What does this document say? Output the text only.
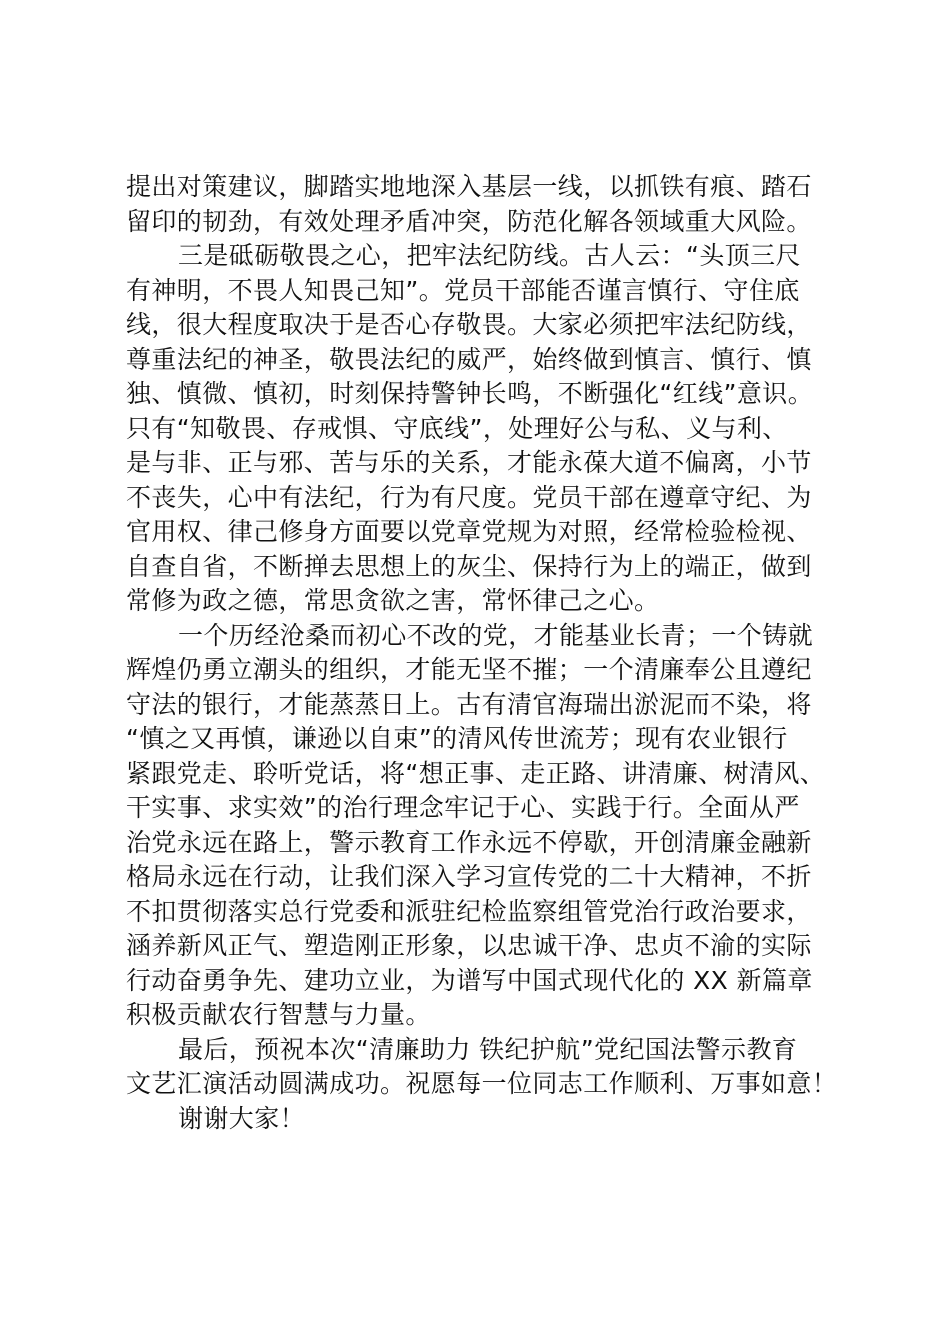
提出对策建议，脚踏实地地深入基层一线，以抓铁有痕、踏石
留印的韧劲，有效处理矛盾冲突，防范化解各领域重大风险。
三是砥砺敬畏之心，把牢法纪防线。古人云：“头顶三尺
有神明，不畏人知畏己知”。党员干部能否谨言慎行、守住底
线，很大程度取决于是否心存敬畏。大家必须把牢法纪防线，
尊重法纪的神圣，敬畏法纪的威严，始终做到慎言、慎行、慎
独、慎微、慎初，时刻保持警钟长鸣，不断强化“红线”意识。
只有“知敬畏、存戒惧、守底线”，处理好公与私、义与利、
是与非、正与邪、苦与乐的关系，才能永葆大道不偏离，小节
不丧失，心中有法纪，行为有尺度。党员干部在遵章守纪、为
官用权、律己修身方面要以党章党规为对照，经常检验检视、
自查自省，不断掸去思想上的灰尘、保持行为上的端正，做到
常修为政之德，常思贪欲之害，常怀律己之心。
一个历经沧桑而初心不改的党，才能基业长青；一个铸就
辉煌仍勇立潮头的组织，才能无坚不摧；一个清廉奉公且遵纪
守法的银行，才能蒸蒸日上。古有清官海瑞出淤泥而不染，将
“慎之又再慎，谦逊以自束”的清风传世流芳；现有农业银行
紧跟党走、聆听党话，将“想正事、走正路、讲清廉、树清风、
干实事、求实效”的治行理念牢记于心、实践于行。全面从严
治党永远在路上，警示教育工作永远不停歇，开创清廉金融新
格局永远在行动，让我们深入学习宣传党的二十大精神，不折
不扣贯彻落实总行党委和派驻纪检监察组管党治行政治要求，
涵养新风正气、塑造刚正形象，以忠诚干净、忠贞不渝的实际
行动奋勇争先、建功立业，为谱写中国式现代化的 XX 新篇章
积极贡献农行智慧与力量。
最后，预祝本次“清廉助力 铁纪护航”党纪国法警示教育
文艺汇演活动圆满成功。祝愿每一位同志工作顺利、万事如意！
谢谢大家！
